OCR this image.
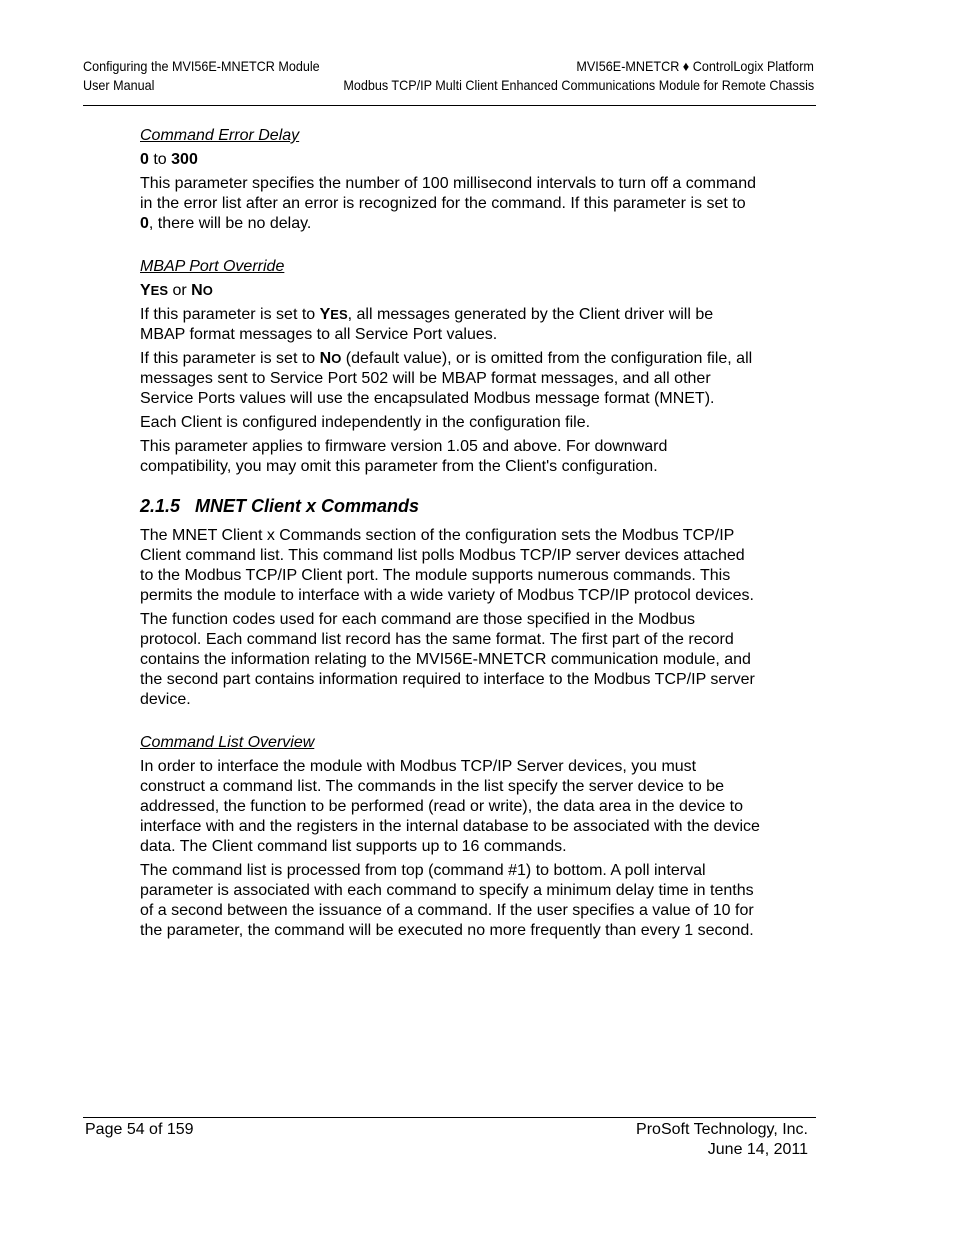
Configuring the MVI56E-MNETCR Module
User Manual
MVI56E-MNETCR ♦ ControlLogix Platform
Modbus TCP/IP Multi Client Enhanced Communications Module for Remote Chassis

Command Error Delay

0 to 300

This parameter specifies the number of 100 millisecond intervals to turn off a command in the error list after an error is recognized for the command. If this parameter is set to 0, there will be no delay.

MBAP Port Override

YES or NO

If this parameter is set to YES, all messages generated by the Client driver will be MBAP format messages to all Service Port values.

If this parameter is set to NO (default value), or is omitted from the configuration file, all messages sent to Service Port 502 will be MBAP format messages, and all other Service Ports values will use the encapsulated Modbus message format (MNET).

Each Client is configured independently in the configuration file.

This parameter applies to firmware version 1.05 and above. For downward compatibility, you may omit this parameter from the Client's configuration.

2.1.5   MNET Client x Commands

The MNET Client x Commands section of the configuration sets the Modbus TCP/IP Client command list. This command list polls Modbus TCP/IP server devices attached to the Modbus TCP/IP Client port. The module supports numerous commands. This permits the module to interface with a wide variety of Modbus TCP/IP protocol devices.

The function codes used for each command are those specified in the Modbus protocol. Each command list record has the same format. The first part of the record contains the information relating to the MVI56E-MNETCR communication module, and the second part contains information required to interface to the Modbus TCP/IP server device.

Command List Overview

In order to interface the module with Modbus TCP/IP Server devices, you must construct a command list. The commands in the list specify the server device to be addressed, the function to be performed (read or write), the data area in the device to interface with and the registers in the internal database to be associated with the device data. The Client command list supports up to 16 commands.

The command list is processed from top (command #1) to bottom. A poll interval parameter is associated with each command to specify a minimum delay time in tenths of a second between the issuance of a command. If the user specifies a value of 10 for the parameter, the command will be executed no more frequently than every 1 second.

Page 54 of 159	ProSoft Technology, Inc.
June 14, 2011
